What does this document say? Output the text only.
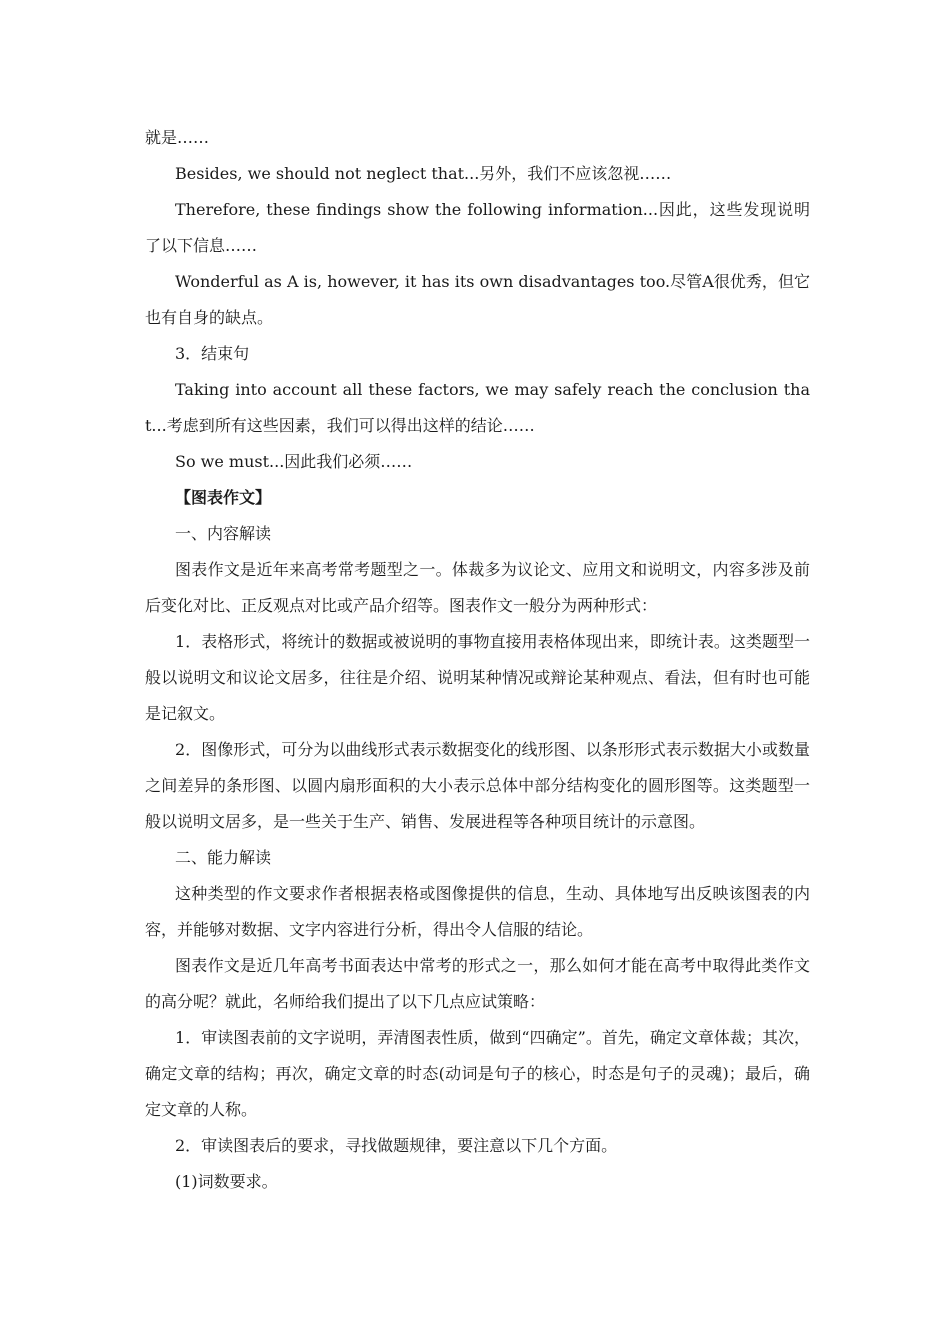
就是……

Besides, we should not neglect that...另外，我们不应该忽视……

Therefore, these findings show the following information...因此，这些发现说明了以下信息……

Wonderful as A is, however, it has its own disadvantages too.尽管A很优秀，但它也有自身的缺点。

3．结束句

Taking into account all these factors, we may safely reach the conclusion that...考虑到所有这些因素，我们可以得出这样的结论……

So we must...因此我们必须……

【图表作文】

一、内容解读

图表作文是近年来高考常考题型之一。体裁多为议论文、应用文和说明文，内容多涉及前后变化对比、正反观点对比或产品介绍等。图表作文一般分为两种形式：

1．表格形式，将统计的数据或被说明的事物直接用表格体现出来，即统计表。这类题型一般以说明文和议论文居多，往往是介绍、说明某种情况或辩论某种观点、看法，但有时也可能是记叙文。

2．图像形式，可分为以曲线形式表示数据变化的线形图、以条形形式表示数据大小或数量之间差异的条形图、以圆内扇形面积的大小表示总体中部分结构变化的圆形图等。这类题型一般以说明文居多，是一些关于生产、销售、发展进程等各种项目统计的示意图。

二、能力解读

这种类型的作文要求作者根据表格或图像提供的信息，生动、具体地写出反映该图表的内容，并能够对数据、文字内容进行分析，得出令人信服的结论。

图表作文是近几年高考书面表达中常考的形式之一，那么如何才能在高考中取得此类作文的高分呢？就此，名师给我们提出了以下几点应试策略：

1．审读图表前的文字说明，弄清图表性质，做到“四确定”。首先，确定文章体裁；其次，确定文章的结构；再次，确定文章的时态(动词是句子的核心，时态是句子的灵魂)；最后，确定文章的人称。

2．审读图表后的要求，寻找做题规律，要注意以下几个方面。

(1)词数要求。
